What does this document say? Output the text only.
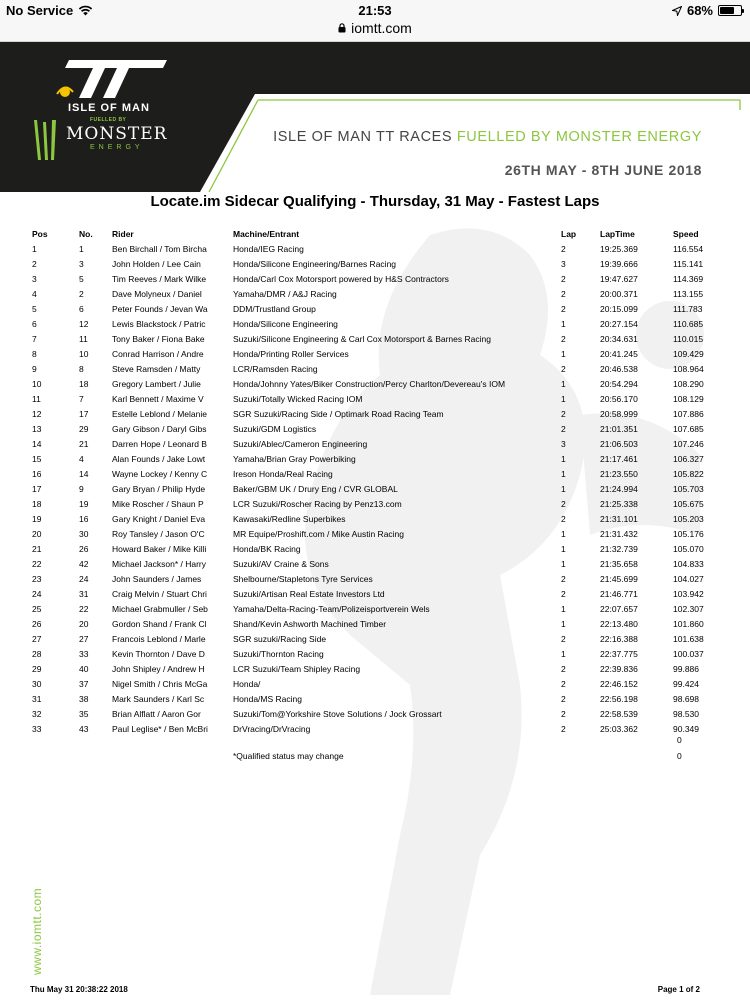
No Service	21:53	68%
iomtt.com
ISLE OF MAN
FUELLED BY
MONSTER
ENERGY
ISLE OF MAN TT RACES FUELLED BY MONSTER ENERGY
26TH MAY - 8TH JUNE 2018
Locate.im Sidecar Qualifying - Thursday, 31 May - Fastest Laps
Pos	No.	Rider	Machine/Entrant	Lap	LapTime	Speed
1	1	Ben Birchall / Tom Bircha	Honda/IEG Racing	2	19:25.369	116.554
2	3	John Holden / Lee Cain	Honda/Silicone Engineering/Barnes Racing	3	19:39.666	115.141
3	5	Tim Reeves / Mark Wilke	Honda/Carl Cox Motorsport powered by H&S Contractors	2	19:47.627	114.369
4	2	Dave Molyneux / Daniel	Yamaha/DMR / A&J Racing	2	20:00.371	113.155
5	6	Peter Founds / Jevan Wa	DDM/Trustland Group	2	20:15.099	111.783
6	12	Lewis Blackstock / Patric	Honda/Silicone Engineering	1	20:27.154	110.685
7	11	Tony Baker / Fiona Bake	Suzuki/Silicone Engineering & Carl Cox Motorsport & Barnes Racing	2	20:34.631	110.015
8	10	Conrad Harrison / Andre	Honda/Printing Roller Services	1	20:41.245	109.429
9	8	Steve Ramsden / Matty	LCR/Ramsden Racing	2	20:46.538	108.964
10	18	Gregory Lambert / Julie	Honda/Johnny Yates/Biker Construction/Percy Charlton/Devereau's IOM	1	20:54.294	108.290
11	7	Karl Bennett / Maxime V	Suzuki/Totally Wicked Racing IOM	1	20:56.170	108.129
12	17	Estelle Leblond / Melanie	SGR Suzuki/Racing Side / Optimark Road Racing Team	2	20:58.999	107.886
13	29	Gary Gibson / Daryl Gibs	Suzuki/GDM Logistics	2	21:01.351	107.685
14	21	Darren Hope / Leonard B	Suzuki/Ablec/Cameron Engineering	3	21:06.503	107.246
15	4	Alan Founds / Jake Lowt	Yamaha/Brian Gray Powerbiking	1	21:17.461	106.327
16	14	Wayne Lockey / Kenny C	Ireson Honda/Real Racing	1	21:23.550	105.822
17	9	Gary Bryan / Philip Hyde	Baker/GBM UK / Drury Eng / CVR GLOBAL	1	21:24.994	105.703
18	19	Mike Roscher / Shaun P	LCR Suzuki/Roscher Racing by Penz13.com	2	21:25.338	105.675
19	16	Gary Knight / Daniel Eva	Kawasaki/Redline Superbikes	2	21:31.101	105.203
20	30	Roy Tansley / Jason O'C	MR Equipe/Proshift.com / Mike Austin Racing	1	21:31.432	105.176
21	26	Howard Baker / Mike Killi	Honda/BK Racing	1	21:32.739	105.070
22	42	Michael Jackson* / Harry	Suzuki/AV Craine & Sons	1	21:35.658	104.833
23	24	John Saunders / James	Shelbourne/Stapletons Tyre Services	2	21:45.699	104.027
24	31	Craig Melvin / Stuart Chri	Suzuki/Artisan Real Estate Investors Ltd	2	21:46.771	103.942
25	22	Michael Grabmuller / Seb	Yamaha/Delta-Racing-Team/Polizeisportverein Wels	1	22:07.657	102.307
26	20	Gordon Shand / Frank Cl	Shand/Kevin Ashworth Machined Timber	1	22:13.480	101.860
27	27	Francois Leblond / Marle	SGR suzuki/Racing Side	2	22:16.388	101.638
28	33	Kevin Thornton / Dave D	Suzuki/Thornton Racing	1	22:37.775	100.037
29	40	John Shipley / Andrew H	LCR Suzuki/Team Shipley Racing	2	22:39.836	99.886
30	37	Nigel Smith / Chris McGa	Honda/	2	22:46.152	99.424
31	38	Mark Saunders / Karl Sc	Honda/MS Racing	2	22:56.198	98.698
32	35	Brian Alflatt / Aaron Gor	Suzuki/Tom@Yorkshire Stove Solutions / Jock Grossart	2	22:58.539	98.530
33	43	Paul Leglise* / Ben McBri	DrVracing/DrVracing	2	25:03.362	90.349
0
*Qualified status may change	0
www.iomtt.com
Thu May 31 20:38:22 2018	Page 1 of 2
